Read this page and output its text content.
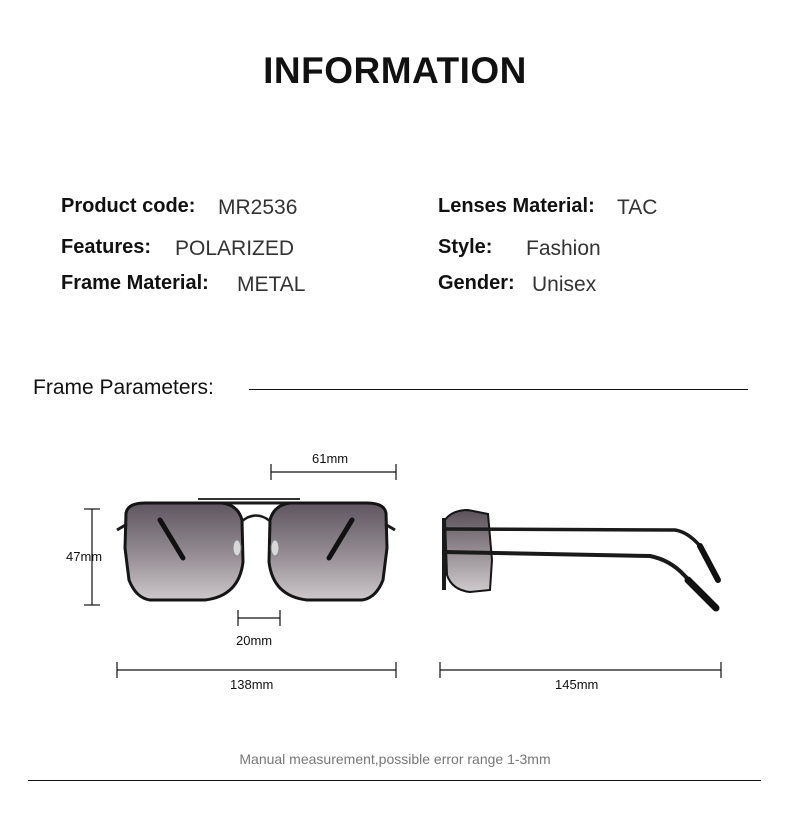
INFORMATION
Product code: MR2536
Features: POLARIZED
Frame Material: METAL
Lenses Material: TAC
Style: Fashion
Gender: Unisex
Frame Parameters:
61mm
47mm
20mm
138mm	145mm
Manual measurement,possible error range 1-3mm
